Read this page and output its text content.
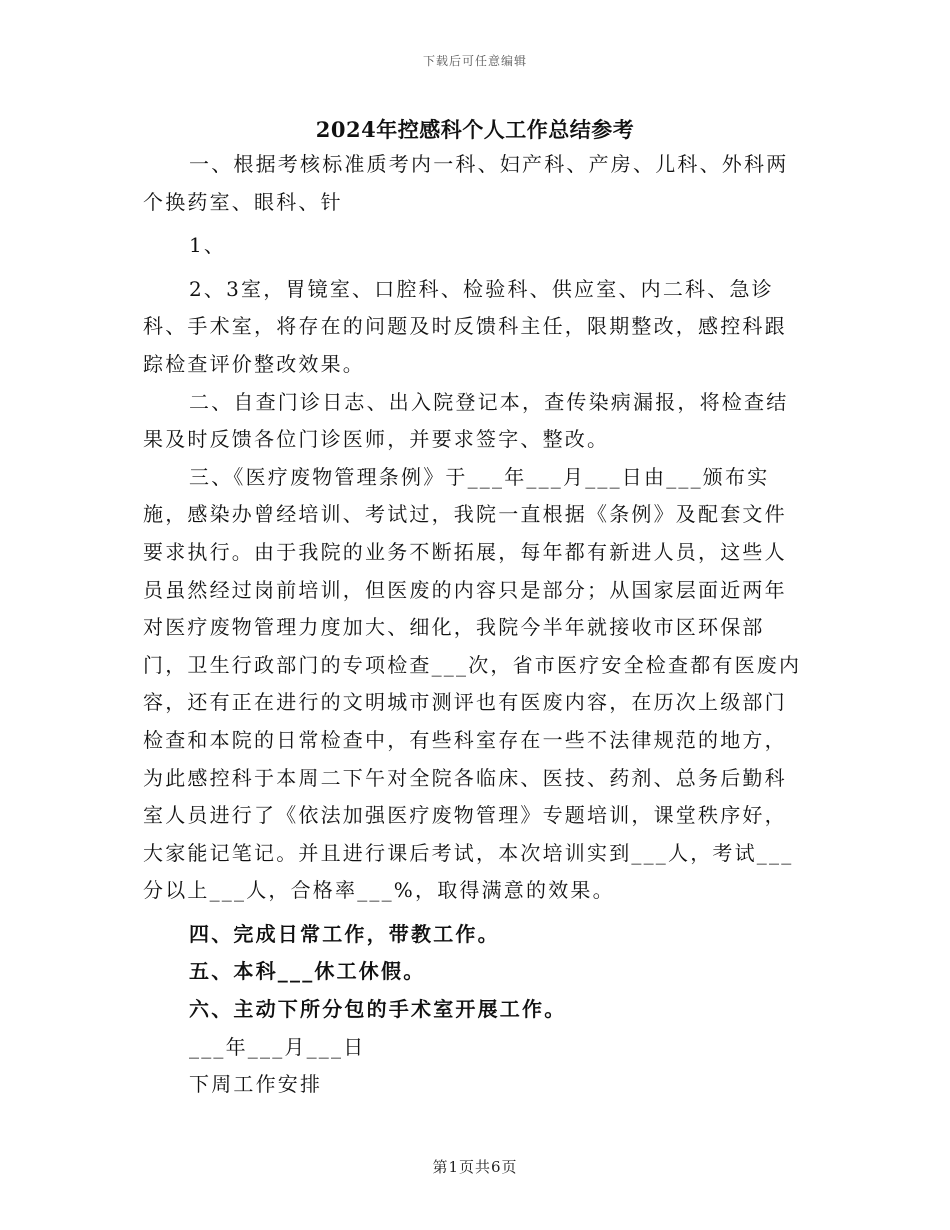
下载后可任意编辑
2024年控感科个人工作总结参考

一、根据考核标准质考内一科、妇产科、产房、儿科、外科两个换药室、眼科、针

1、

2、3室，胃镜室、口腔科、检验科、供应室、内二科、急诊科、手术室，将存在的问题及时反馈科主任，限期整改，感控科跟踪检查评价整改效果。

二、自查门诊日志、出入院登记本，查传染病漏报，将检查结果及时反馈各位门诊医师，并要求签字、整改。

三、《医疗废物管理条例》于___年___月___日由___颁布实施，感染办曾经培训、考试过，我院一直根据《条例》及配套文件要求执行。由于我院的业务不断拓展，每年都有新进人员，这些人员虽然经过岗前培训，但医废的内容只是部分；从国家层面近两年对医疗废物管理力度加大、细化，我院今半年就接收市区环保部门，卫生行政部门的专项检查___次，省市医疗安全检查都有医废内容，还有正在进行的文明城市测评也有医废内容，在历次上级部门检查和本院的日常检查中，有些科室存在一些不法律规范的地方，为此感控科于本周二下午对全院各临床、医技、药剂、总务后勤科室人员进行了《依法加强医疗废物管理》专题培训，课堂秩序好，大家能记笔记。并且进行课后考试，本次培训实到___人，考试___分以上___人，合格率___%，取得满意的效果。

四、完成日常工作，带教工作。

五、本科___休工休假。

六、主动下所分包的手术室开展工作。

___年___月___日

下周工作安排

第1页共6页
